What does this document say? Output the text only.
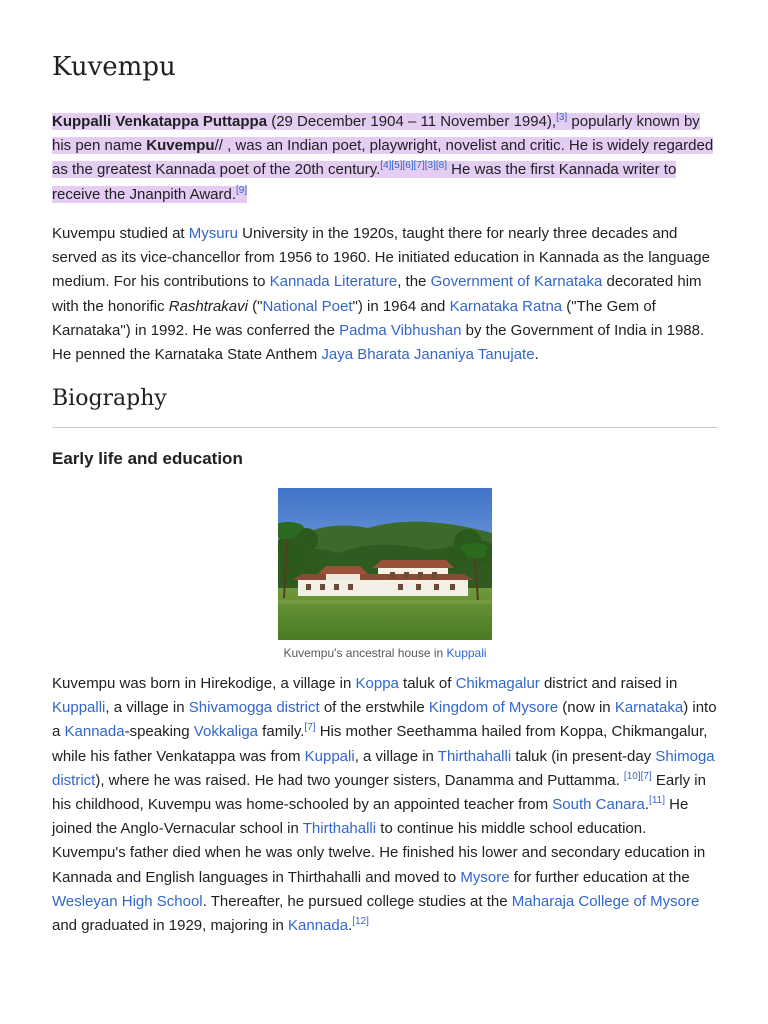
Kuvempu

Kuppalli Venkatappa Puttappa (29 December 1904 – 11 November 1994),[3] popularly known by his pen name Kuvempu// , was an Indian poet, playwright, novelist and critic. He is widely regarded as the greatest Kannada poet of the 20th century.[4][5][6][7][3][8] He was the first Kannada writer to receive the Jnanpith Award.[9]

Kuvempu studied at Mysuru University in the 1920s, taught there for nearly three decades and served as its vice-chancellor from 1956 to 1960. He initiated education in Kannada as the language medium. For his contributions to Kannada Literature, the Government of Karnataka decorated him with the honorific Rashtrakavi ("National Poet") in 1964 and Karnataka Ratna ("The Gem of Karnataka") in 1992. He was conferred the Padma Vibhushan by the Government of India in 1988. He penned the Karnataka State Anthem Jaya Bharata Jananiya Tanujate.

Biography
Early life and education
Kuvempu's ancestral house in Kuppali

Kuvempu was born in Hirekodige, a village in Koppa taluk of Chikmagalur district and raised in Kuppalli, a village in Shivamogga district of the erstwhile Kingdom of Mysore (now in Karnataka) into a Kannada-speaking Vokkaliga family.[7] His mother Seethamma hailed from Koppa, Chikmangalur, while his father Venkatappa was from Kuppali, a village in Thirthahalli taluk (in present-day Shimoga district), where he was raised. He had two younger sisters, Danamma and Puttamma. [10][7] Early in his childhood, Kuvempu was home-schooled by an appointed teacher from South Canara.[11] He joined the Anglo-Vernacular school in Thirthahalli to continue his middle school education. Kuvempu's father died when he was only twelve. He finished his lower and secondary education in Kannada and English languages in Thirthahalli and moved to Mysore for further education at the Wesleyan High School. Thereafter, he pursued college studies at the Maharaja College of Mysore and graduated in 1929, majoring in Kannada.[12]
